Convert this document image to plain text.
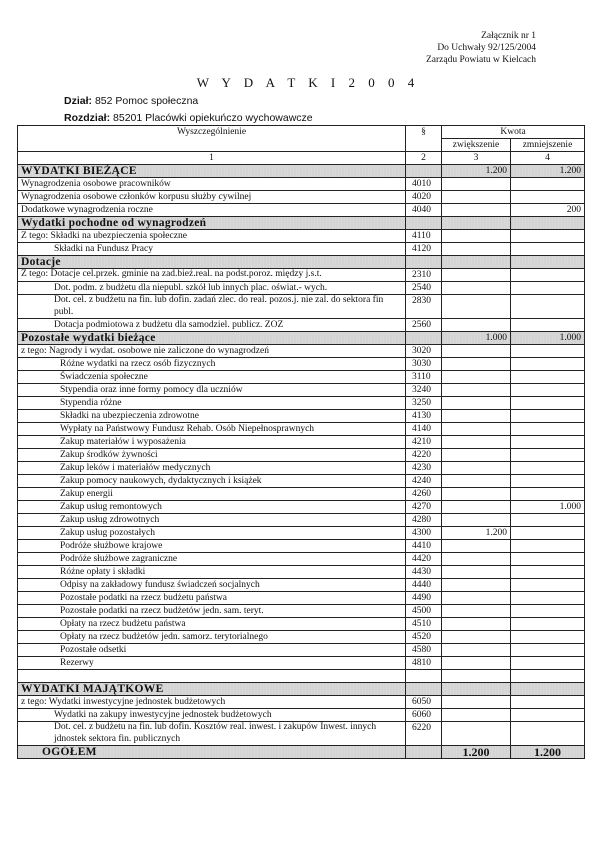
Załącznik nr 1
Do Uchwały 92/125/2004
Zarządu Powiatu w Kielcach
W Y D A T K I 2 0 0 4
Dział: 852 Pomoc społeczna
Rozdział: 85201 Placówki opiekuńczo wychowawcze
Wyszczególnienie	§	Kwota	
		zwiększenie	zmniejszenie
1	2	3	4
WYDATKI BIEŻĄCE		1.200	1.200
Wynagrodzenia osobowe pracowników	4010		
Wynagrodzenia osobowe członków korpusu służby cywilnej	4020		
Dodatkowe wynagrodzenia roczne	4040		200
Wydatki pochodne od wynagrodzeń			
Z tego: Składki na ubezpieczenia społeczne	4110		
Składki na Fundusz Pracy	4120		
Dotacje			
Z tego: Dotacje cel.przek. gminie na zad.bież.real. na podst.poroz. między j.s.t.	2310		
Dot. podm. z budżetu dla niepubl. szkół lub innych plac. oświat.- wych.	2540		
Dot. cel. z budżetu na fin. lub dofin. zadań zlec. do real. pozos.j. nie zal. do sektora fin publ.	2830		
Dotacja podmiotowa z budżetu dla samodziel. publicz. ZOZ	2560		
Pozostałe wydatki bieżące		1.000	1.000
z tego: Nagrody i wydat. osobowe nie zaliczone do wynagrodzeń	3020		
Różne wydatki na rzecz osób fizycznych	3030		
Świadczenia społeczne	3110		
Stypendia oraz inne formy pomocy dla uczniów	3240		
Stypendia różne	3250		
Składki na ubezpieczenia zdrowotne	4130		
Wypłaty na Państwowy Fundusz Rehab. Osób Niepełnosprawnych	4140		
Zakup materiałów i wyposażenia	4210		
Zakup środków żywności	4220		
Zakup leków i materiałów medycznych	4230		
Zakup pomocy naukowych, dydaktycznych i książek	4240		
Zakup energii	4260		
Zakup usług remontowych	4270		1.000
Zakup usług zdrowotnych	4280		
Zakup usług pozostałych	4300	1.200	
Podróże służbowe krajowe	4410		
Podróże służbowe zagraniczne	4420		
Różne opłaty i składki	4430		
Odpisy na zakładowy fundusz świadczeń socjalnych	4440		
Pozostałe podatki na rzecz budżetu państwa	4490		
Pozostałe podatki na rzecz budżetów jedn. sam. teryt.	4500		
Opłaty na rzecz budżetu państwa	4510		
Opłaty na rzecz budżetów jedn. samorz. terytorialnego	4520		
Pozostałe odsetki	4580		
Rezerwy	4810		

WYDATKI MAJĄTKOWE			
z tego: Wydatki inwestycyjne jednostek budżetowych	6050		
Wydatki na zakupy inwestycyjne jednostek budżetowych	6060		
Dot. cel. z budżetu na fin. lub dofin. Kosztów real. inwest. i zakupów Inwest. innych jdnostek sektora fin. publicznych	6220		
OGÓŁEM		1.200	1.200
